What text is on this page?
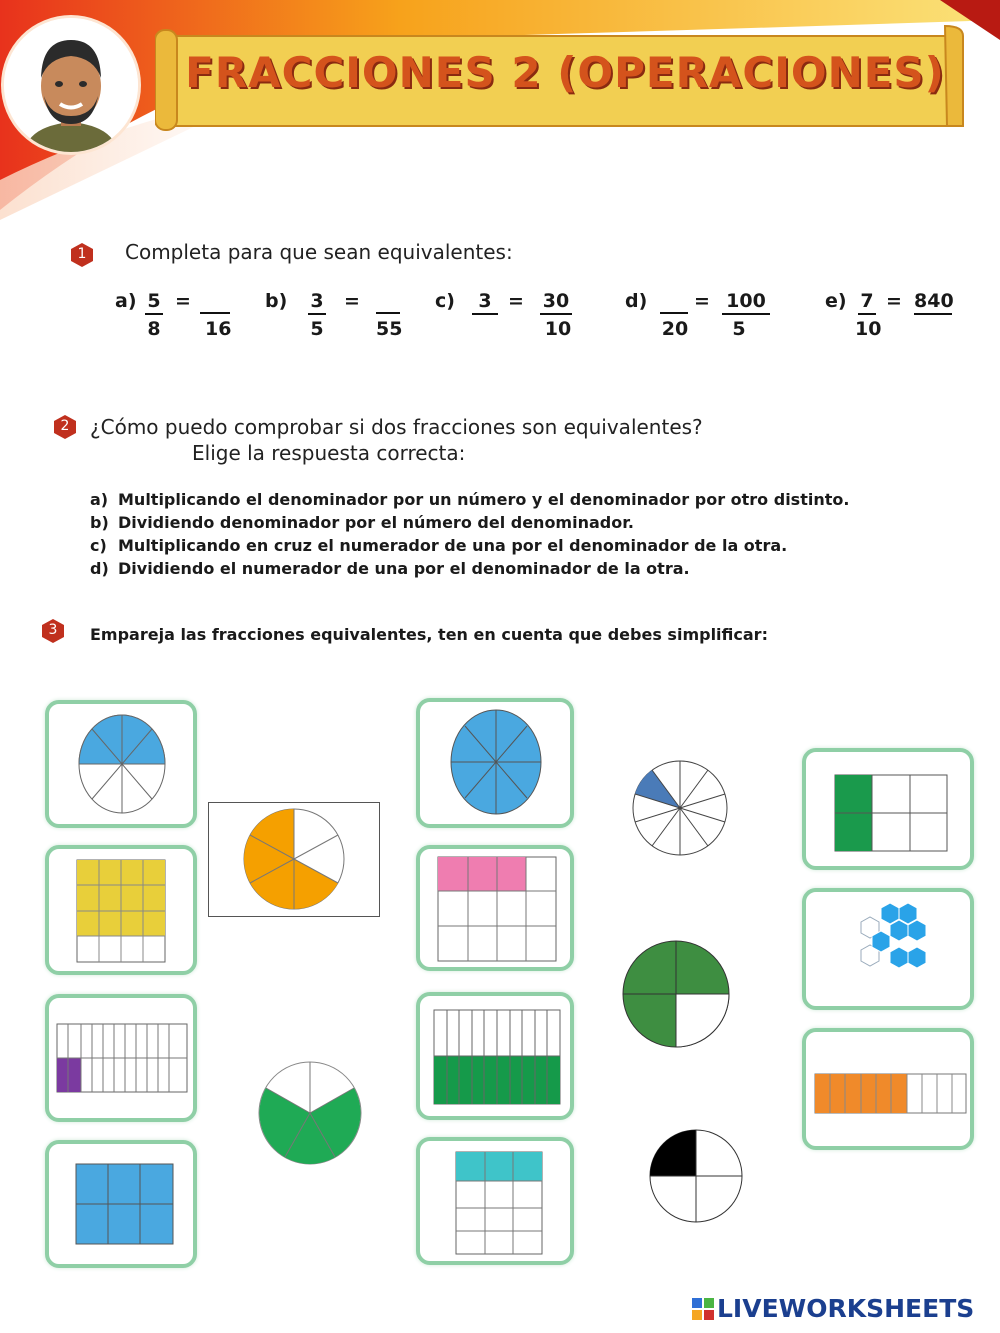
FRACCIONES 2 (OPERACIONES)
1	Completa para que sean equivalentes:
a) 5
8
=
16
b) 3
5
=
55
c)	3 = 30
10
d)
20
= 100
5
e) 7
10
= 840
2	¿Cómo puedo comprobar si dos fracciones son equivalentes?
Elige la respuesta correcta:
a) Multiplicando el denominador por un número y el denominador por otro distinto.
b) Dividiendo denominador por el número del denominador.
c) Multiplicando en cruz el numerador de una por el denominador de la otra.
d) Dividiendo el numerador de una por el denominador de la otra.
3	Empareja las fracciones equivalentes, ten en cuenta que debes simplificar:
LIVEWORKSHEETS
